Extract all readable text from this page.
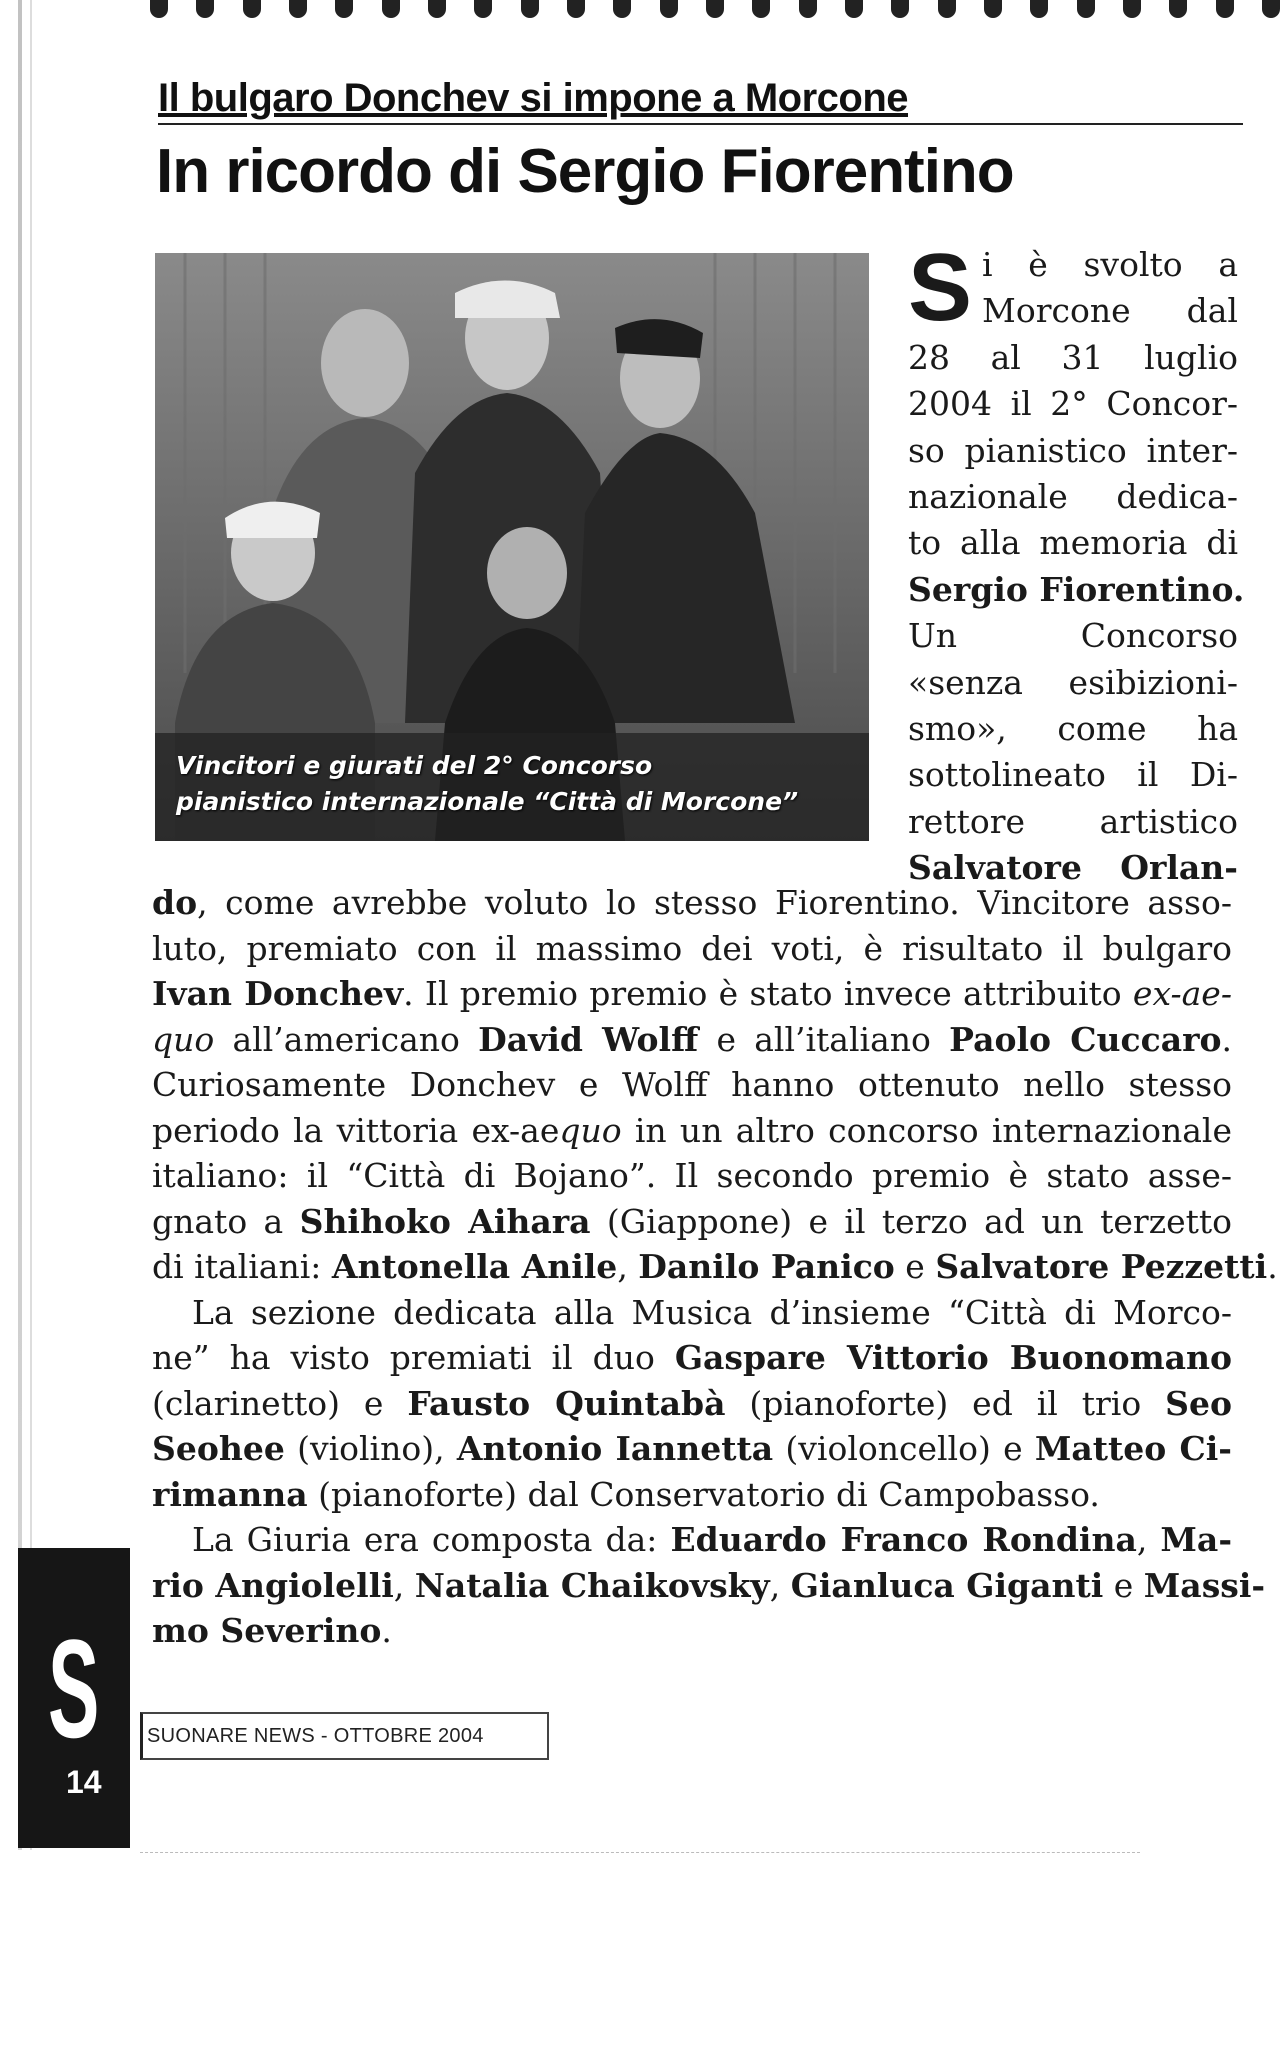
Il bulgaro Donchev si impone a Morcone
In ricordo di Sergio Fiorentino
Vincitori e giurati del 2° Concorso
pianistico internazionale “Città di Morcone”
S i è svolto a
Morcone dal
28 al 31 luglio
2004 il 2° Concor-
so pianistico inter-
nazionale dedica-
to alla memoria di
Sergio Fiorentino.
Un Concorso
«senza esibizioni-
smo», come ha
sottolineato il Di-
rettore artistico
Salvatore Orlan-
do, come avrebbe voluto lo stesso Fiorentino. Vincitore asso-
luto, premiato con il massimo dei voti, è risultato il bulgaro
Ivan Donchev. Il premio premio è stato invece attribuito ex-ae-
quo all’americano David Wolff e all’italiano Paolo Cuccaro.
Curiosamente Donchev e Wolff hanno ottenuto nello stesso
periodo la vittoria ex-aequo in un altro concorso internazionale
italiano: il “Città di Bojano”. Il secondo premio è stato asse-
gnato a Shihoko Aihara (Giappone) e il terzo ad un terzetto
di italiani: Antonella Anile, Danilo Panico e Salvatore Pezzetti.
La sezione dedicata alla Musica d’insieme “Città di Morco-
ne” ha visto premiati il duo Gaspare Vittorio Buonomano
(clarinetto) e Fausto Quintabà (pianoforte) ed il trio Seo
Seohee (violino), Antonio Iannetta (violoncello) e Matteo Ci-
rimanna (pianoforte) dal Conservatorio di Campobasso.
La Giuria era composta da: Eduardo Franco Rondina, Ma-
rio Angiolelli, Natalia Chaikovsky, Gianluca Giganti e Massi-
mo Severino.
S
14
SUONARE NEWS - OTTOBRE 2004
